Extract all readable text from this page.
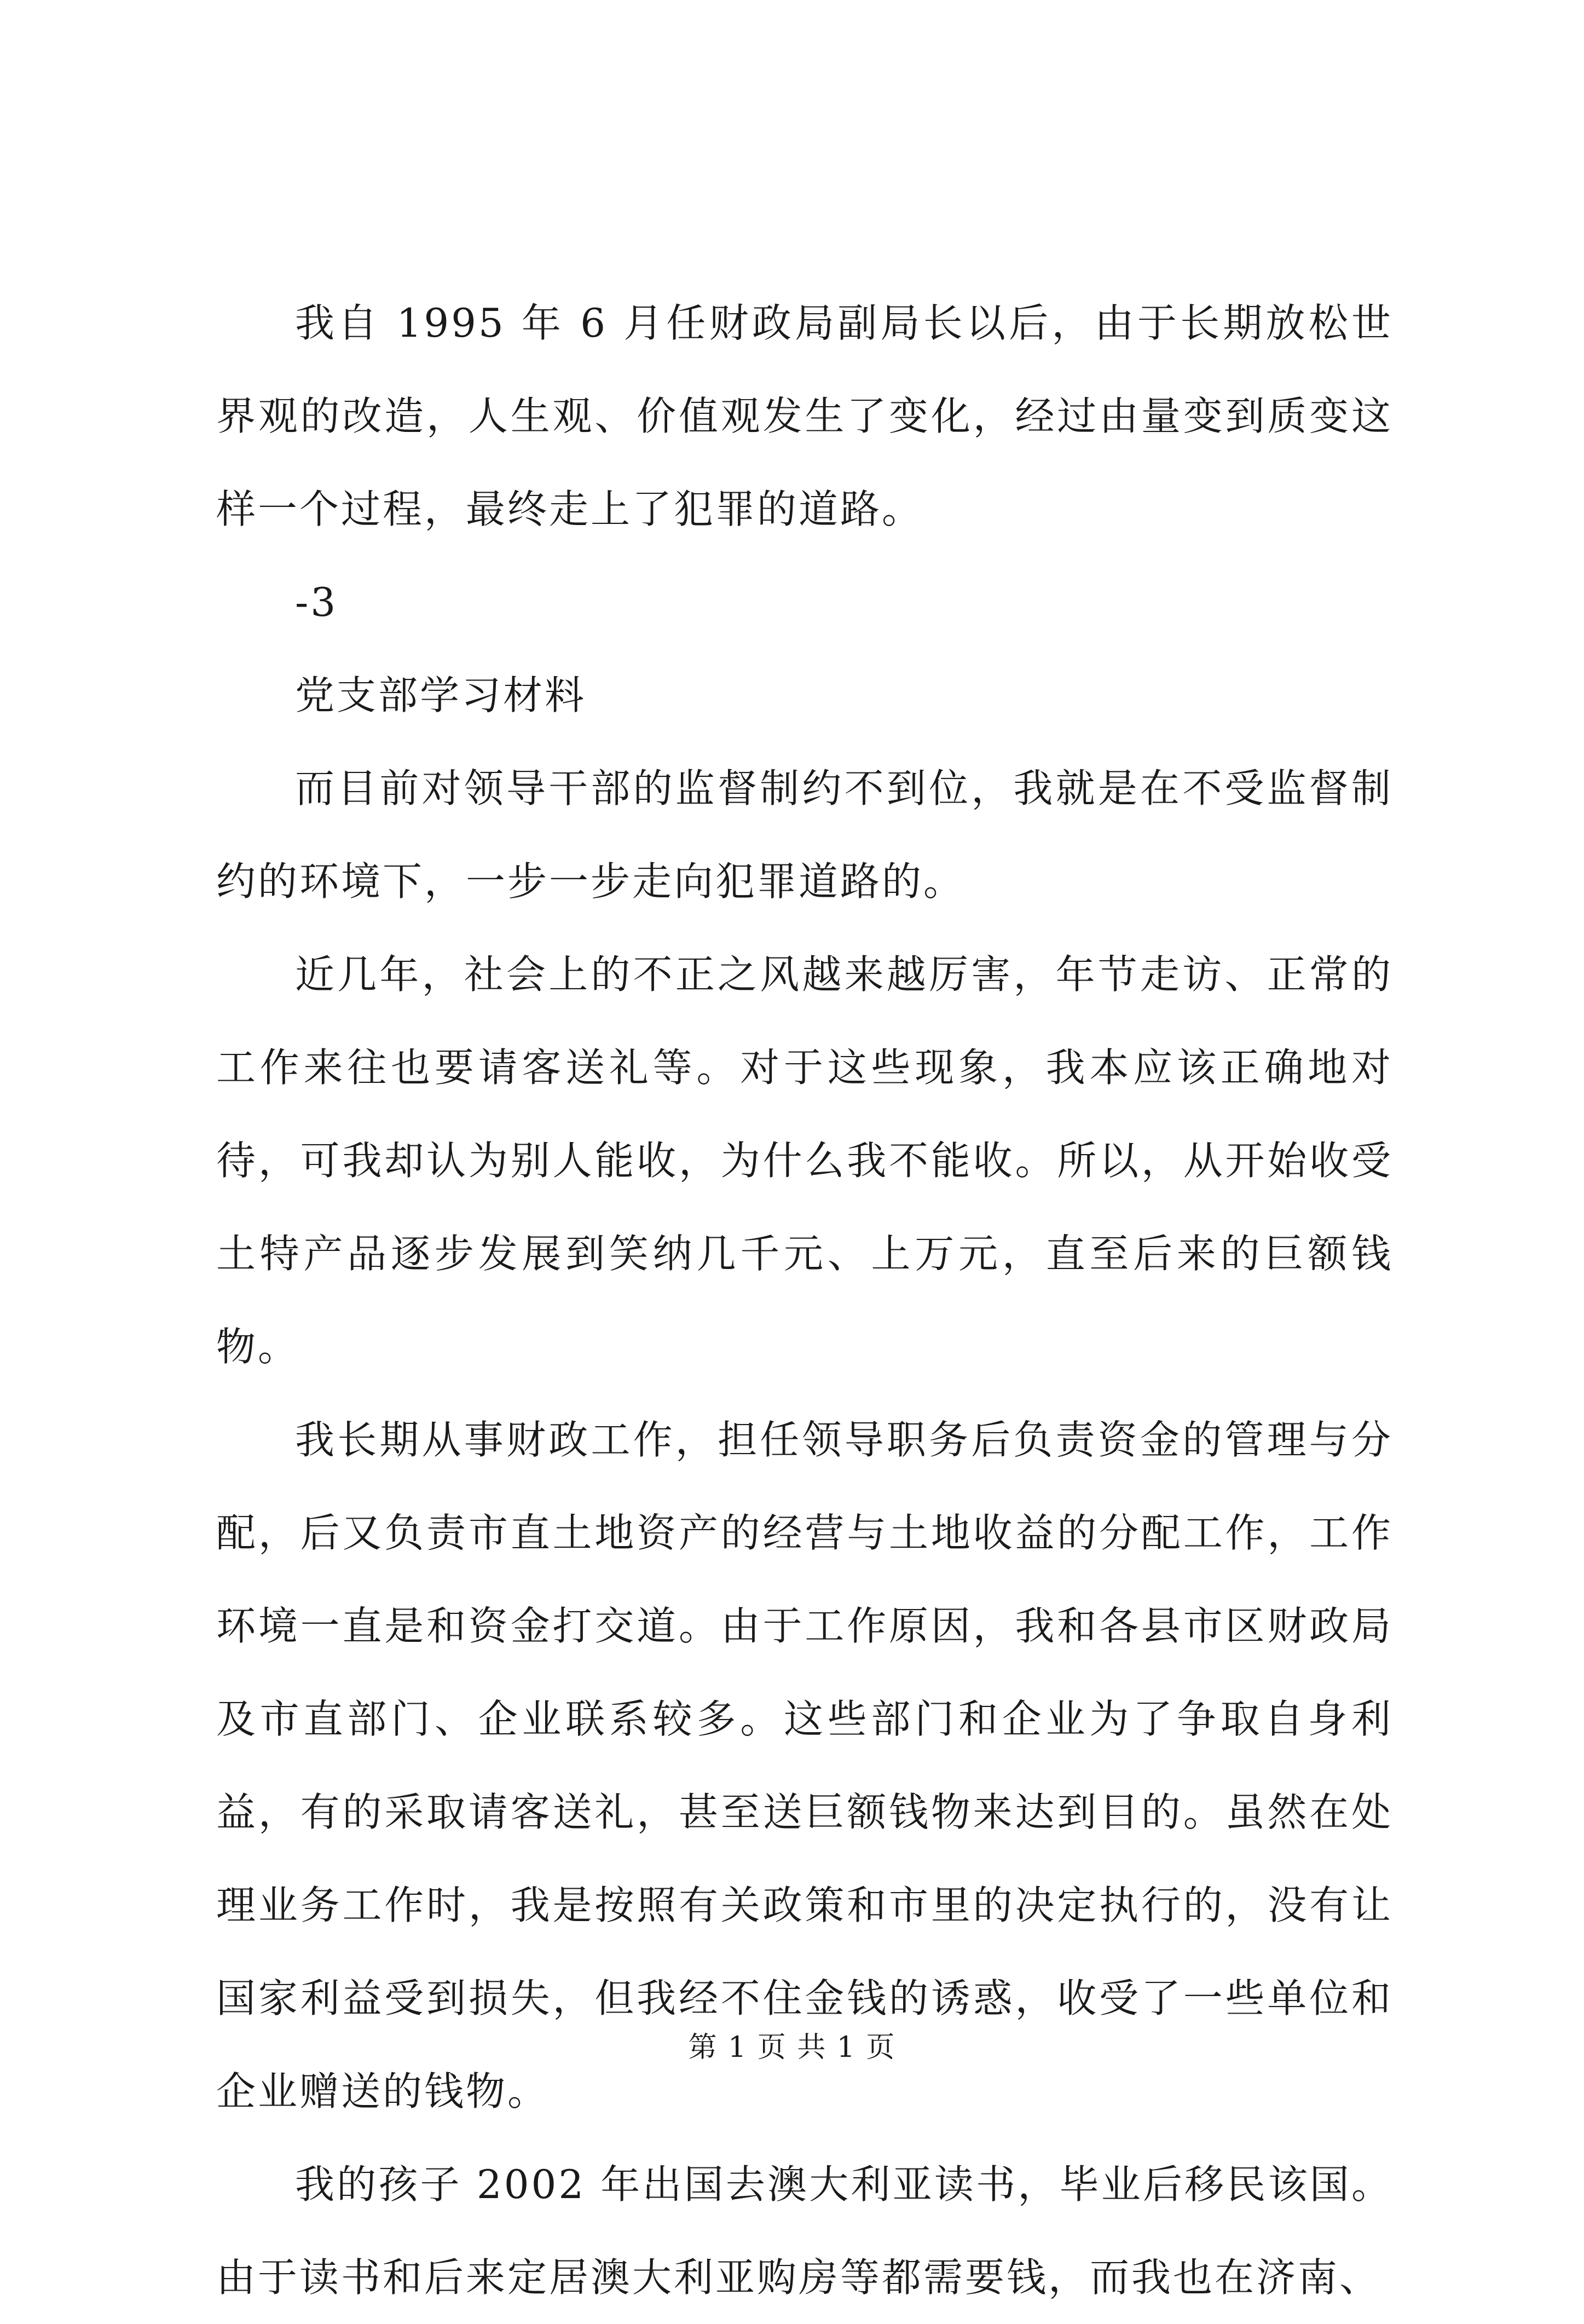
我自 1995 年 6 月任财政局副局长以后，由于长期放松世界观的改造，人生观、价值观发生了变化，经过由量变到质变这样一个过程，最终走上了犯罪的道路。

-3

党支部学习材料

而目前对领导干部的监督制约不到位，我就是在不受监督制约的环境下，一步一步走向犯罪道路的。

近几年，社会上的不正之风越来越厉害，年节走访、正常的工作来往也要请客送礼等。对于这些现象，我本应该正确地对待，可我却认为别人能收，为什么我不能收。所以，从开始收受土特产品逐步发展到笑纳几千元、上万元，直至后来的巨额钱物。

我长期从事财政工作，担任领导职务后负责资金的管理与分配，后又负责市直土地资产的经营与土地收益的分配工作，工作环境一直是和资金打交道。由于工作原因，我和各县市区财政局及市直部门、企业联系较多。这些部门和企业为了争取自身利益，有的采取请客送礼，甚至送巨额钱物来达到目的。虽然在处理业务工作时，我是按照有关政策和市里的决定执行的，没有让国家利益受到损失，但我经不住金钱的诱惑，收受了一些单位和企业赠送的钱物。

我的孩子 2002 年出国去澳大利亚读书，毕业后移民该国。由于读书和后来定居澳大利亚购房等都需要钱，而我也在济南、

第 1 页 共 1 页
